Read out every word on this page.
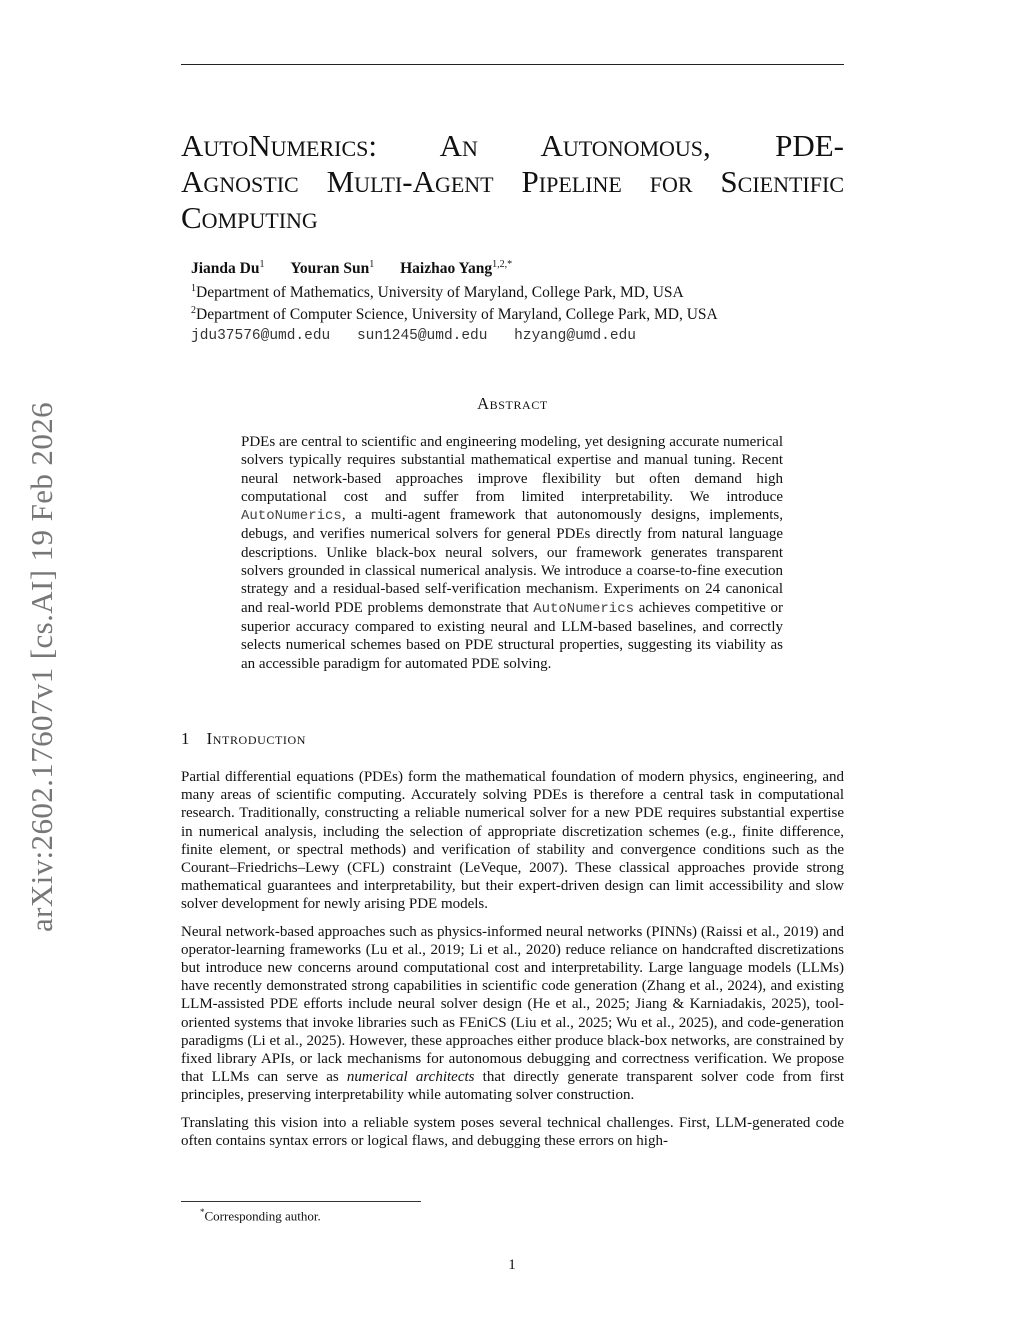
arXiv:2602.17607v1 [cs.AI] 19 Feb 2026
AutoNumerics: An Autonomous, PDE-
Agnostic Multi-Agent Pipeline for Scientific
Computing

Jianda Du$^1$ Youran Sun$^1$ Haizhao Yang$^{1,2,*}$

$^1$Department of Mathematics, University of Maryland, College Park, MD, USA

$^2$Department of Computer Science, University of Maryland, College Park, MD, USA

jdu37576@umd.edu sun1245@umd.edu hzyang@umd.edu

Abstract

PDEs are central to scientific and engineering modeling, yet designing accurate numerical solvers typically requires substantial mathematical expertise and manual tuning. Recent neural network-based approaches improve flexibility but often demand high computational cost and suffer from limited interpretability. We introduce AutoNumerics, a multi-agent framework that autonomously designs, implements, debugs, and verifies numerical solvers for general PDEs directly from natural language descriptions. Unlike black-box neural solvers, our framework generates transparent solvers grounded in classical numerical analysis. We introduce a coarse-to-fine execution strategy and a residual-based self-verification mechanism. Experiments on 24 canonical and real-world PDE problems demonstrate that AutoNumerics achieves competitive or superior accuracy compared to existing neural and LLM-based baselines, and correctly selects numerical schemes based on PDE structural properties, suggesting its viability as an accessible paradigm for automated PDE solving.

1 Introduction

Partial differential equations (PDEs) form the mathematical foundation of modern physics, engineering, and many areas of scientific computing. Accurately solving PDEs is therefore a central task in computational research. Traditionally, constructing a reliable numerical solver for a new PDE requires substantial expertise in numerical analysis, including the selection of appropriate discretization schemes (e.g., finite difference, finite element, or spectral methods) and verification of stability and convergence conditions such as the Courant–Friedrichs–Lewy (CFL) constraint (LeVeque, 2007). These classical approaches provide strong mathematical guarantees and interpretability, but their expert-driven design can limit accessibility and slow solver development for newly arising PDE models.

Neural network-based approaches such as physics-informed neural networks (PINNs) (Raissi et al., 2019) and operator-learning frameworks (Lu et al., 2019; Li et al., 2020) reduce reliance on handcrafted discretizations but introduce new concerns around computational cost and interpretability. Large language models (LLMs) have recently demonstrated strong capabilities in scientific code generation (Zhang et al., 2024), and existing LLM-assisted PDE efforts include neural solver design (He et al., 2025; Jiang & Karniadakis, 2025), tool-oriented systems that invoke libraries such as FEniCS (Liu et al., 2025; Wu et al., 2025), and code-generation paradigms (Li et al., 2025). However, these approaches either produce black-box networks, are constrained by fixed library APIs, or lack mechanisms for autonomous debugging and correctness verification. We propose that LLMs can serve as numerical architects that directly generate transparent solver code from first principles, preserving interpretability while automating solver construction.

Translating this vision into a reliable system poses several technical challenges. First, LLM-generated code often contains syntax errors or logical flaws, and debugging these errors on high-

*Corresponding author.

1
